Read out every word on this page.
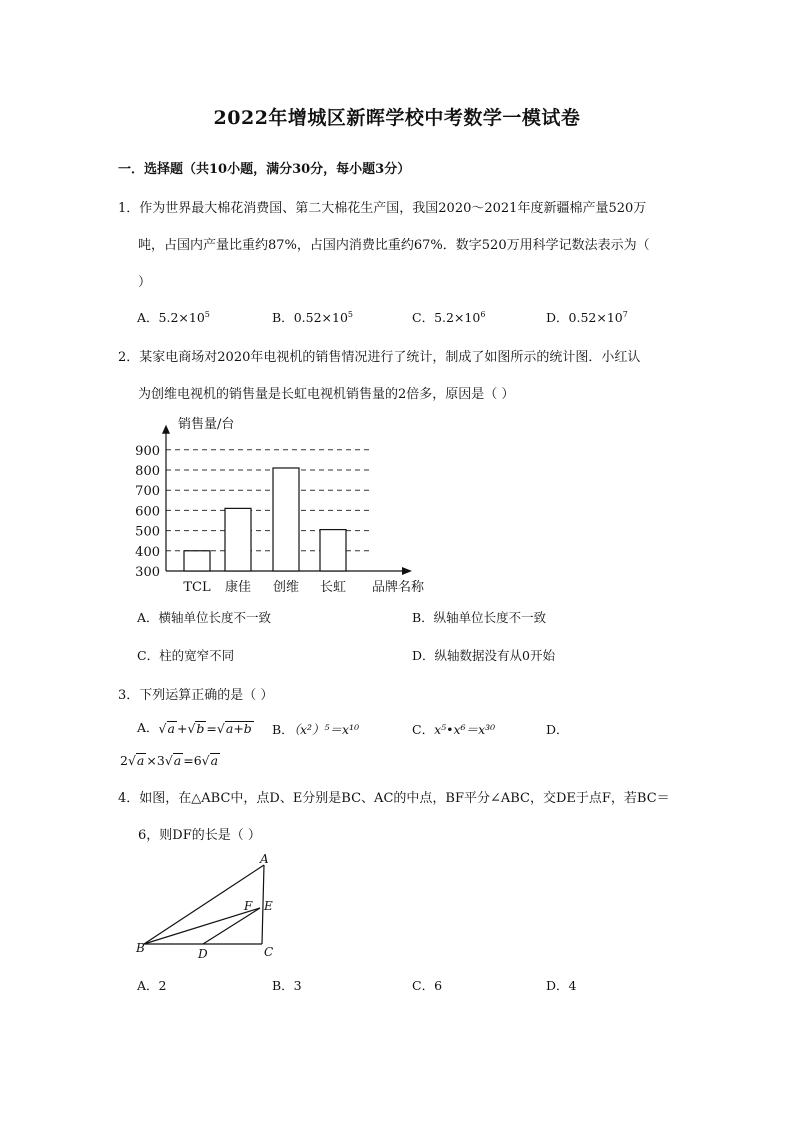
2022年增城区新晖学校中考数学一模试卷
一．选择题（共10小题，满分30分，每小题3分）
1．作为世界最大棉花消费国、第二大棉花生产国，我国2020～2021年度新疆棉产量520万
吨，占国内产量比重约87%，占国内消费比重约67%．数字520万用科学记数法表示为（
）
A．$5.2\times 10^5$	B．$0.52\times 10^5$	C．$5.2\times 10^6$	D．$0.52\times 10^7$
2．某家电商场对2020年电视机的销售情况进行了统计，制成了如图所示的统计图．小红认
为创维电视机的销售量是长虹电视机销售量的2倍多，原因是（ ）
300
400
500
600
700
800
900
销售量/台
品牌名称
TCL 康佳 创维 长虹
A．横轴单位长度不一致	B．纵轴单位长度不一致
C．柱的宽窄不同	D．纵轴数据没有从0开始
3．下列运算正确的是（ ）
A． √ a + √ b = √ a+b B．（x²）⁵＝x¹⁰	C．x⁵•x⁶＝x³⁰	D．
2 √ a ×3 √ a =6 √ a
4．如图，在△ABC中，点D、E分别是BC、AC的中点，BF平分∠ABC，交DE于点F，若BC＝
6，则DF的长是（ ）
A
B	C
D
E
F
A．2	B．3	C．6	D．4
